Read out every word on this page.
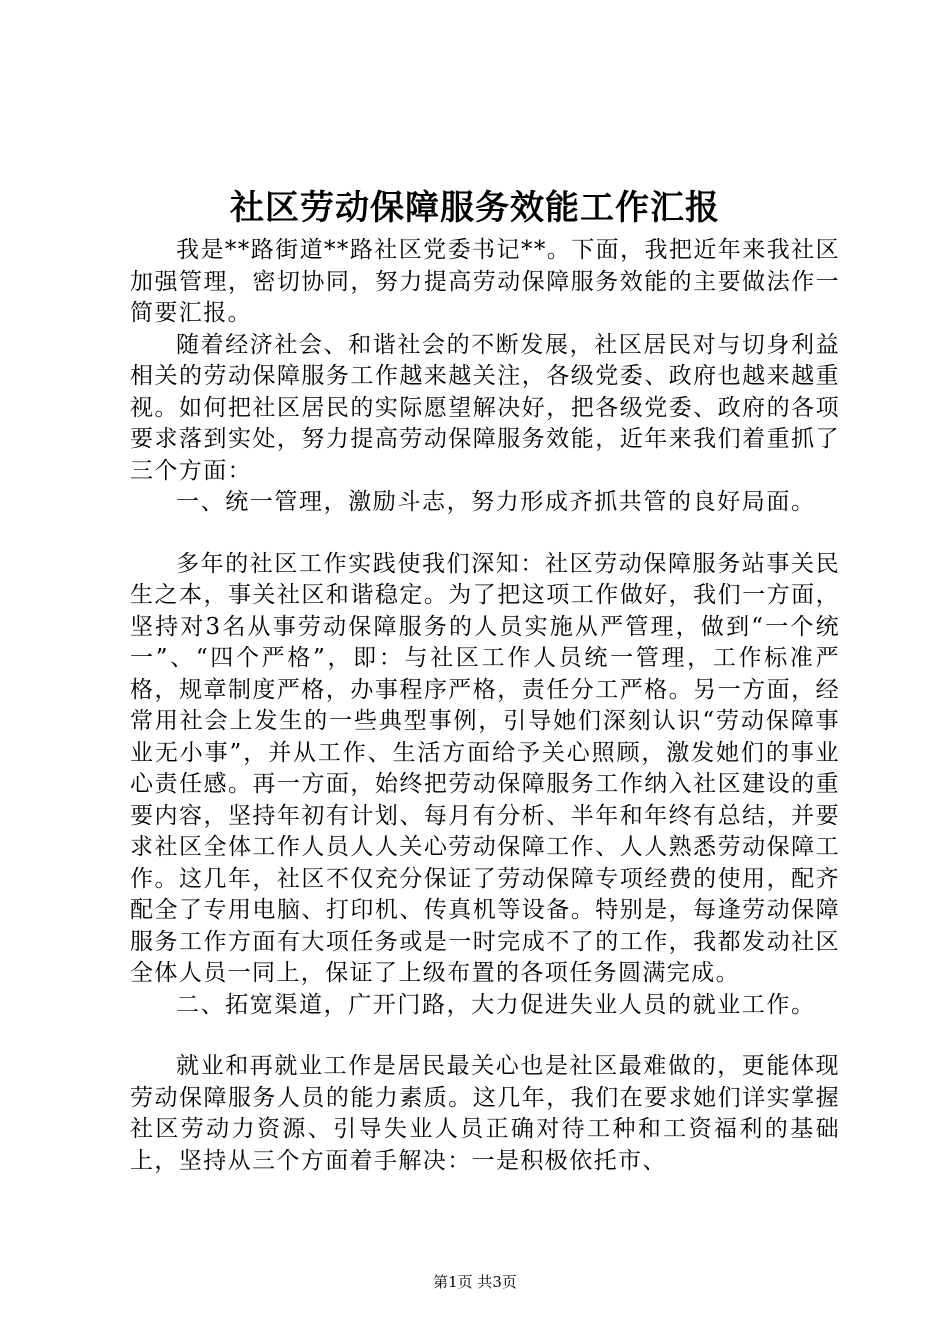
社区劳动保障服务效能工作汇报

我是**路街道**路社区党委书记**。下面，我把近年来我社区加强管理，密切协同，努力提高劳动保障服务效能的主要做法作一简要汇报。

随着经济社会、和谐社会的不断发展，社区居民对与切身利益相关的劳动保障服务工作越来越关注，各级党委、政府也越来越重视。如何把社区居民的实际愿望解决好，把各级党委、政府的各项要求落到实处，努力提高劳动保障服务效能，近年来我们着重抓了三个方面：

一、统一管理，激励斗志，努力形成齐抓共管的良好局面。

多年的社区工作实践使我们深知：社区劳动保障服务站事关民生之本，事关社区和谐稳定。为了把这项工作做好，我们一方面，坚持对3名从事劳动保障服务的人员实施从严管理，做到“一个统一”、“四个严格”，即：与社区工作人员统一管理，工作标准严格，规章制度严格，办事程序严格，责任分工严格。另一方面，经常用社会上发生的一些典型事例，引导她们深刻认识“劳动保障事业无小事”，并从工作、生活方面给予关心照顾，激发她们的事业心责任感。再一方面，始终把劳动保障服务工作纳入社区建设的重要内容，坚持年初有计划、每月有分析、半年和年终有总结，并要求社区全体工作人员人人关心劳动保障工作、人人熟悉劳动保障工作。这几年，社区不仅充分保证了劳动保障专项经费的使用，配齐配全了专用电脑、打印机、传真机等设备。特别是，每逢劳动保障服务工作方面有大项任务或是一时完成不了的工作，我都发动社区全体人员一同上，保证了上级布置的各项任务圆满完成。

二、拓宽渠道，广开门路，大力促进失业人员的就业工作。

就业和再就业工作是居民最关心也是社区最难做的，更能体现劳动保障服务人员的能力素质。这几年，我们在要求她们详实掌握社区劳动力资源、引导失业人员正确对待工种和工资福利的基础上，坚持从三个方面着手解决：一是积极依托市、

第1页 共3页
